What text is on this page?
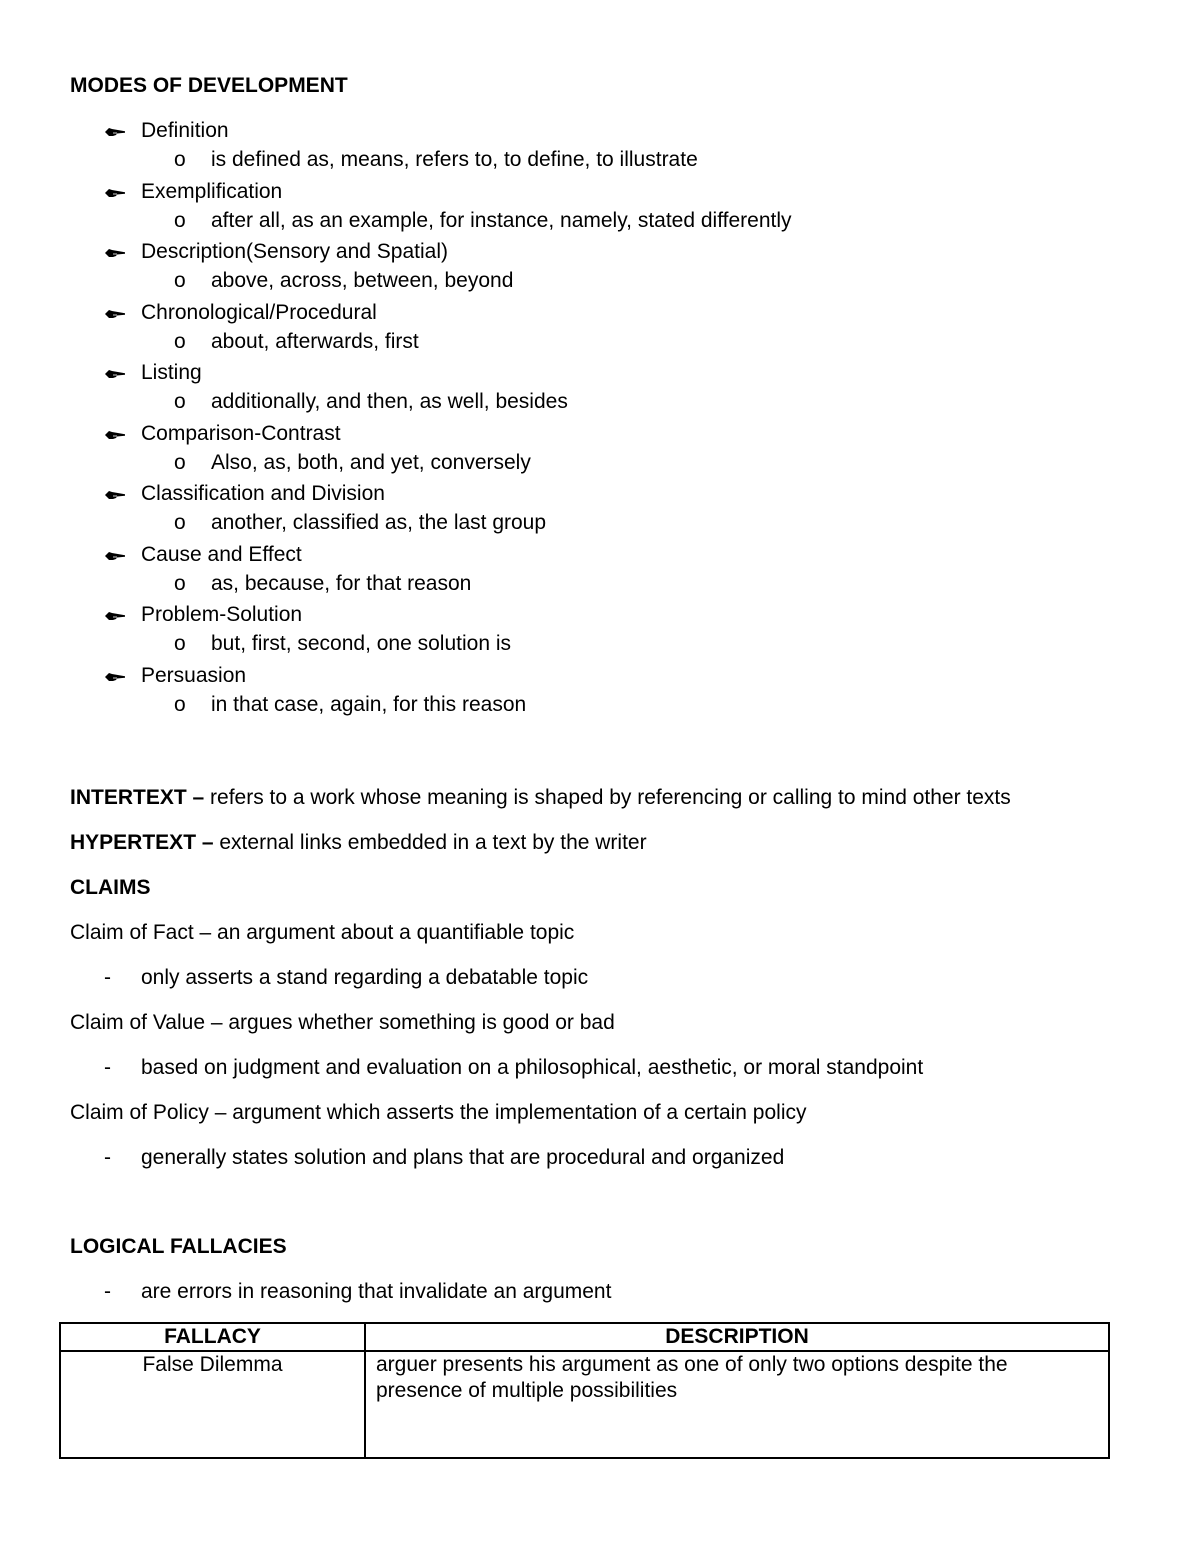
MODES OF DEVELOPMENT
Definition
o is defined as, means, refers to, to define, to illustrate
Exemplification
o after all, as an example, for instance, namely, stated differently
Description(Sensory and Spatial)
o above, across, between, beyond
Chronological/Procedural
o about, afterwards, first
Listing
o additionally, and then, as well, besides
Comparison-Contrast
o Also, as, both, and yet, conversely
Classification and Division
o another, classified as, the last group
Cause and Effect
o as, because, for that reason
Problem-Solution
o but, first, second, one solution is
Persuasion
o in that case, again, for this reason
INTERTEXT – refers to a work whose meaning is shaped by referencing or calling to mind other texts
HYPERTEXT – external links embedded in a text by the writer
CLAIMS
Claim of Fact – an argument about a quantifiable topic
- only asserts a stand regarding a debatable topic
Claim of Value – argues whether something is good or bad
- based on judgment and evaluation on a philosophical, aesthetic, or moral standpoint
Claim of Policy – argument which asserts the implementation of a certain policy
- generally states solution and plans that are procedural and organized
LOGICAL FALLACIES
- are errors in reasoning that invalidate an argument
FALLACY	DESCRIPTION
False Dilemma	arguer presents his argument as one of only two options despite the presence of multiple possibilities
